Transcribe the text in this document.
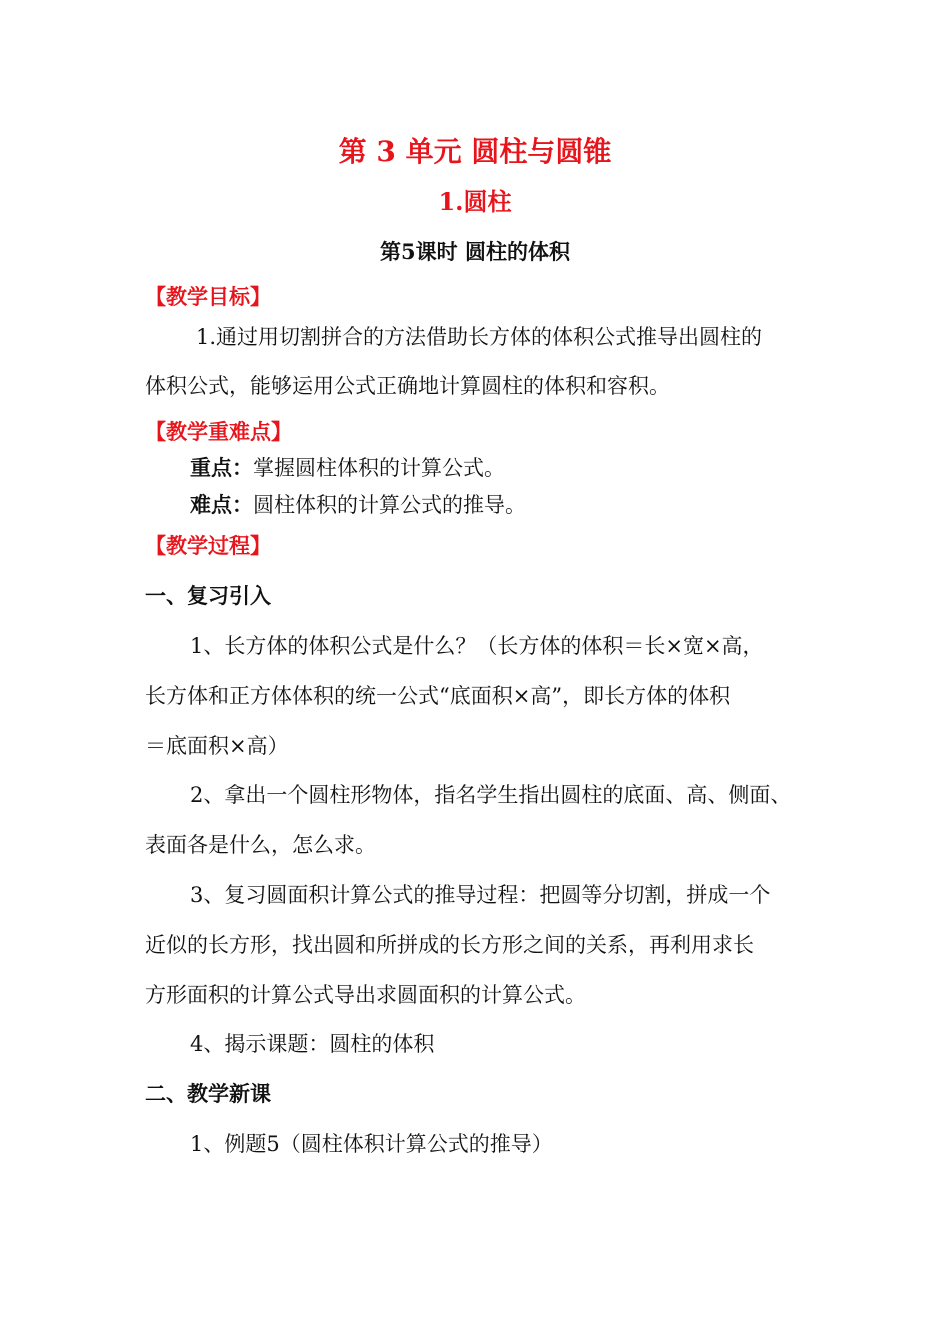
第 3 单元 圆柱与圆锥
1.圆柱
第5课时 圆柱的体积
【教学目标】
1.通过用切割拼合的方法借助长方体的体积公式推导出圆柱的
体积公式，能够运用公式正确地计算圆柱的体积和容积。
【教学重难点】
重点：掌握圆柱体积的计算公式。
难点：圆柱体积的计算公式的推导。
【教学过程】
一、复习引入
1、长方体的体积公式是什么？（长方体的体积＝长×宽×高，
长方体和正方体体积的统一公式“底面积×高”，即长方体的体积
＝底面积×高）
2、拿出一个圆柱形物体，指名学生指出圆柱的底面、高、侧面、
表面各是什么，怎么求。
3、复习圆面积计算公式的推导过程：把圆等分切割，拼成一个
近似的长方形，找出圆和所拼成的长方形之间的关系，再利用求长
方形面积的计算公式导出求圆面积的计算公式。
4、揭示课题：圆柱的体积
二、教学新课
1、例题5（圆柱体积计算公式的推导）
